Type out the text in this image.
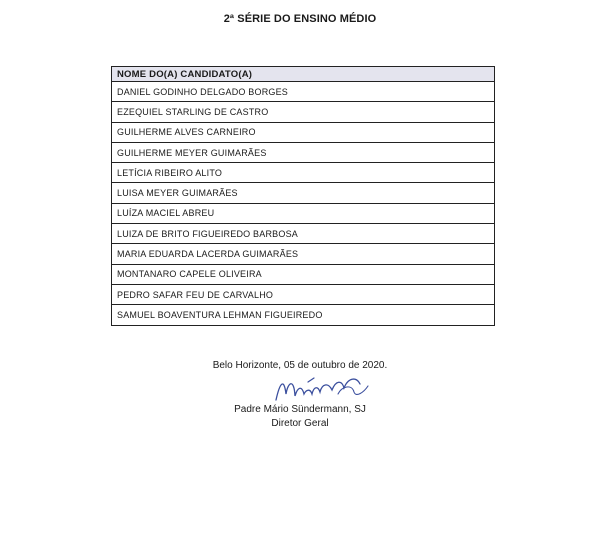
2ª SÉRIE DO ENSINO MÉDIO
NOME DO(A) CANDIDATO(A)
DANIEL GODINHO DELGADO BORGES
EZEQUIEL STARLING DE CASTRO
GUILHERME ALVES CARNEIRO
GUILHERME MEYER GUIMARÃES
LETÍCIA RIBEIRO ALITO
LUISA MEYER GUIMARÃES
LUÍZA MACIEL ABREU
LUIZA DE BRITO FIGUEIREDO BARBOSA
MARIA EDUARDA LACERDA GUIMARÃES
MONTANARO CAPELE OLIVEIRA
PEDRO SAFAR FEU DE CARVALHO
SAMUEL BOAVENTURA LEHMAN FIGUEIREDO
Belo Horizonte, 05 de outubro de 2020.
Padre Mário Sündermann, SJ
Diretor Geral
